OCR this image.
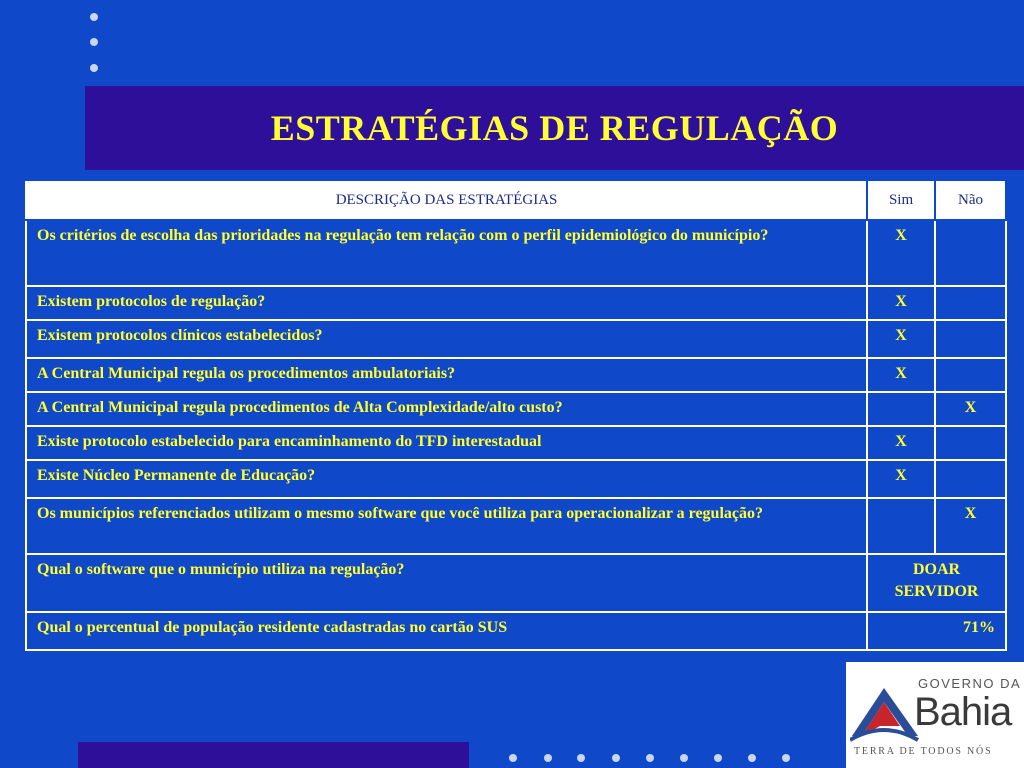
ESTRATÉGIAS DE REGULAÇÃO
DESCRIÇÃO DAS ESTRATÉGIAS	Sim	Não
Os critérios de escolha das prioridades na regulação tem relação com o perfil epidemiológico do município?	X	
Existem protocolos de regulação?	X	
Existem protocolos clínicos estabelecidos?	X	
A Central Municipal regula os procedimentos ambulatoriais?	X	
A Central Municipal regula procedimentos de Alta Complexidade/alto custo?		X
Existe protocolo estabelecido para encaminhamento do TFD interestadual	X	
Existe Núcleo Permanente de Educação?	X	
Os municípios referenciados utilizam o mesmo software que você utiliza para operacionalizar a regulação?		X
Qual o software que o município utiliza na regulação?	DOAR
SERVIDOR	
Qual o percentual de população residente cadastradas no cartão SUS	71%	
GOVERNO DA
Bahia
TERRA DE TODOS NÓS
